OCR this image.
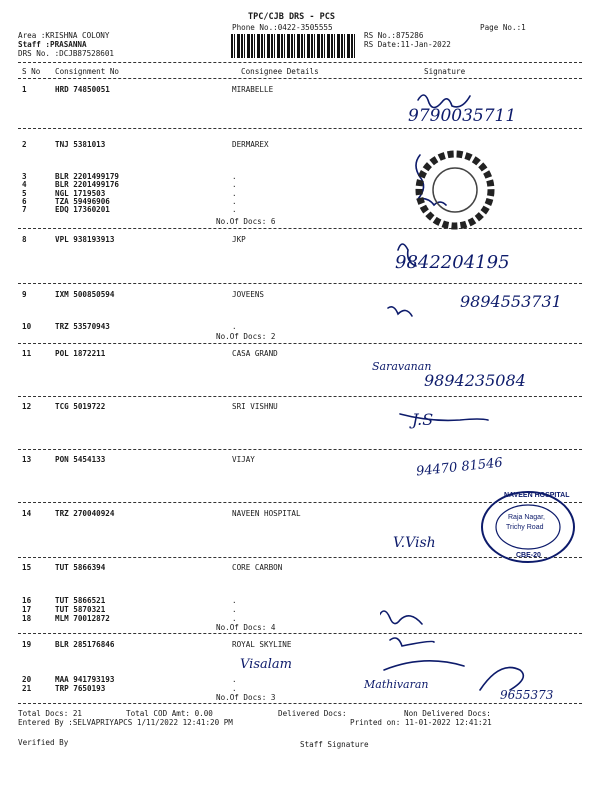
TPC/CJB DRS - PCS
Phone No.:0422-3505555	Page No.:1
Area :KRISHNA COLONY
Staff :PRASANNA
DRS No. :DCJB87528601
RS No.:875286
RS Date:11-Jan-2022
S No Consignment No	Consignee Details	Signature
1	HRD 74850051	MIRABELLE
2	TNJ 5381013	DERMAREX
3	BLR 2201499179	.
4	BLR 2201499176	.
5	NGL 1719503	.
6	TZA 59496906	.
7	EDQ 17360201	.
8	VPL 938193913	JKP
9	IXM 500850594	JOVEENS
10	TRZ 53570943	.
11	POL 1872211	CASA GRAND
12	TCG 5019722	SRI VISHNU
13	PON 5454133	VIJAY
14	TRZ 270040924	NAVEEN HOSPITAL
15	TUT 5866394	CORE CARBON
16	TUT 5866521	.
17	TUT 5870321	.
18	MLM 70012872	.
19	BLR 285176846	ROYAL SKYLINE
20	MAA 941793193	.
21	TRP 7650193	.
No.Of Docs: 6
No.Of Docs: 2
No.Of Docs: 4
No.Of Docs: 3
Total Docs: 21	Total COD Amt: 0.00	Delivered Docs:	Non Delivered Docs:
Entered By :SELVAPRIYAPCS 1/11/2022 12:41:20 PM	Printed on: 11-01-2022 12:41:21
Verified By	Staff Signature
9790035711
9842204195
9894553731
Saravanan
9894235084
J.S
94470 81546
V.Vish
Visalam
Mathivaran
9655373
NAVEEN HOSPITAL
Raja Nagar,
Trichy Road
CBE-20
